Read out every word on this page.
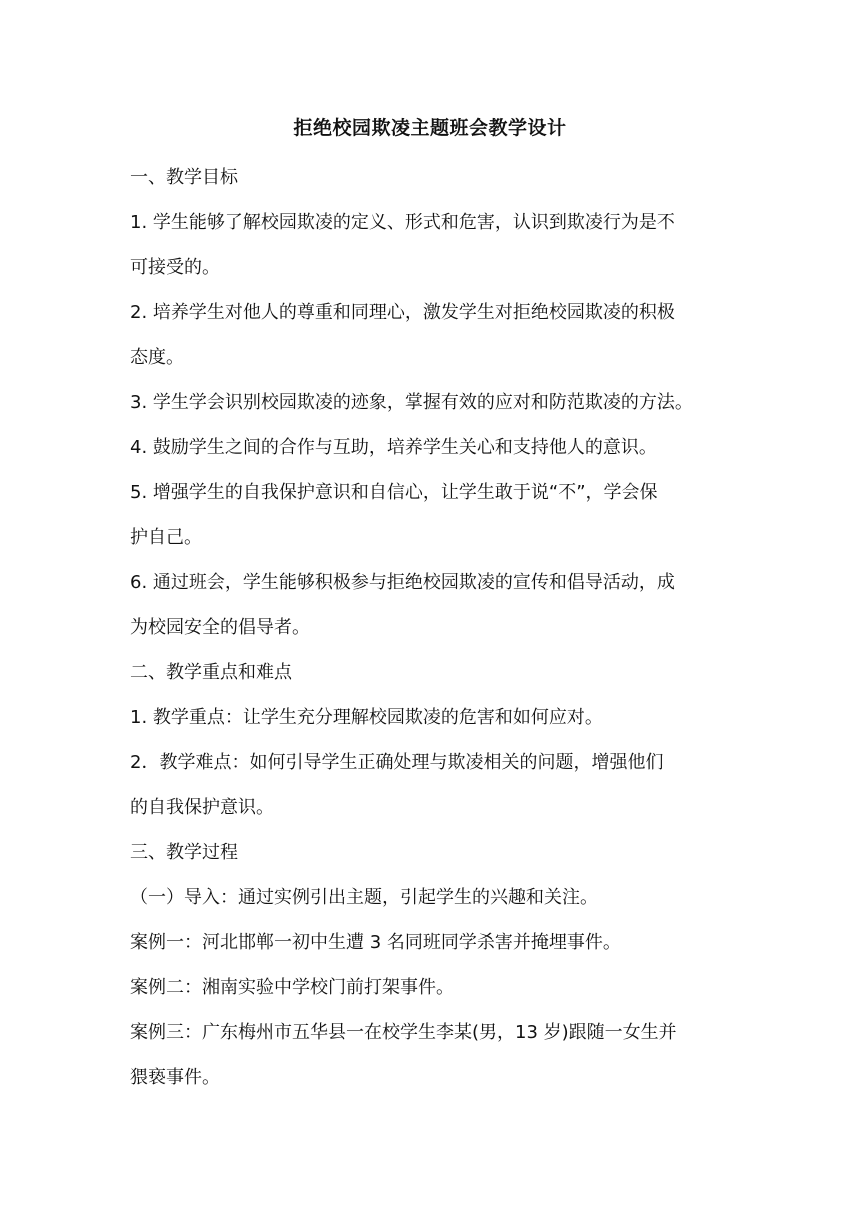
拒绝校园欺凌主题班会教学设计
一、教学目标
1. 学生能够了解校园欺凌的定义、形式和危害，认识到欺凌行为是不
可接受的。
2. 培养学生对他人的尊重和同理心，激发学生对拒绝校园欺凌的积极
态度。
3. 学生学会识别校园欺凌的迹象，掌握有效的应对和防范欺凌的方法。
4. 鼓励学生之间的合作与互助，培养学生关心和支持他人的意识。
5. 增强学生的自我保护意识和自信心，让学生敢于说“不”，学会保
护自己。
6. 通过班会，学生能够积极参与拒绝校园欺凌的宣传和倡导活动，成
为校园安全的倡导者。
二、教学重点和难点
1. 教学重点：让学生充分理解校园欺凌的危害和如何应对。
2．教学难点：如何引导学生正确处理与欺凌相关的问题，增强他们
的自我保护意识。
三、教学过程
（一）导入：通过实例引出主题，引起学生的兴趣和关注。
案例一：河北邯郸一初中生遭 3 名同班同学杀害并掩埋事件。
案例二：湘南实验中学校门前打架事件。
案例三：广东梅州市五华县一在校学生李某(男，13 岁)跟随一女生并
猥亵事件。
